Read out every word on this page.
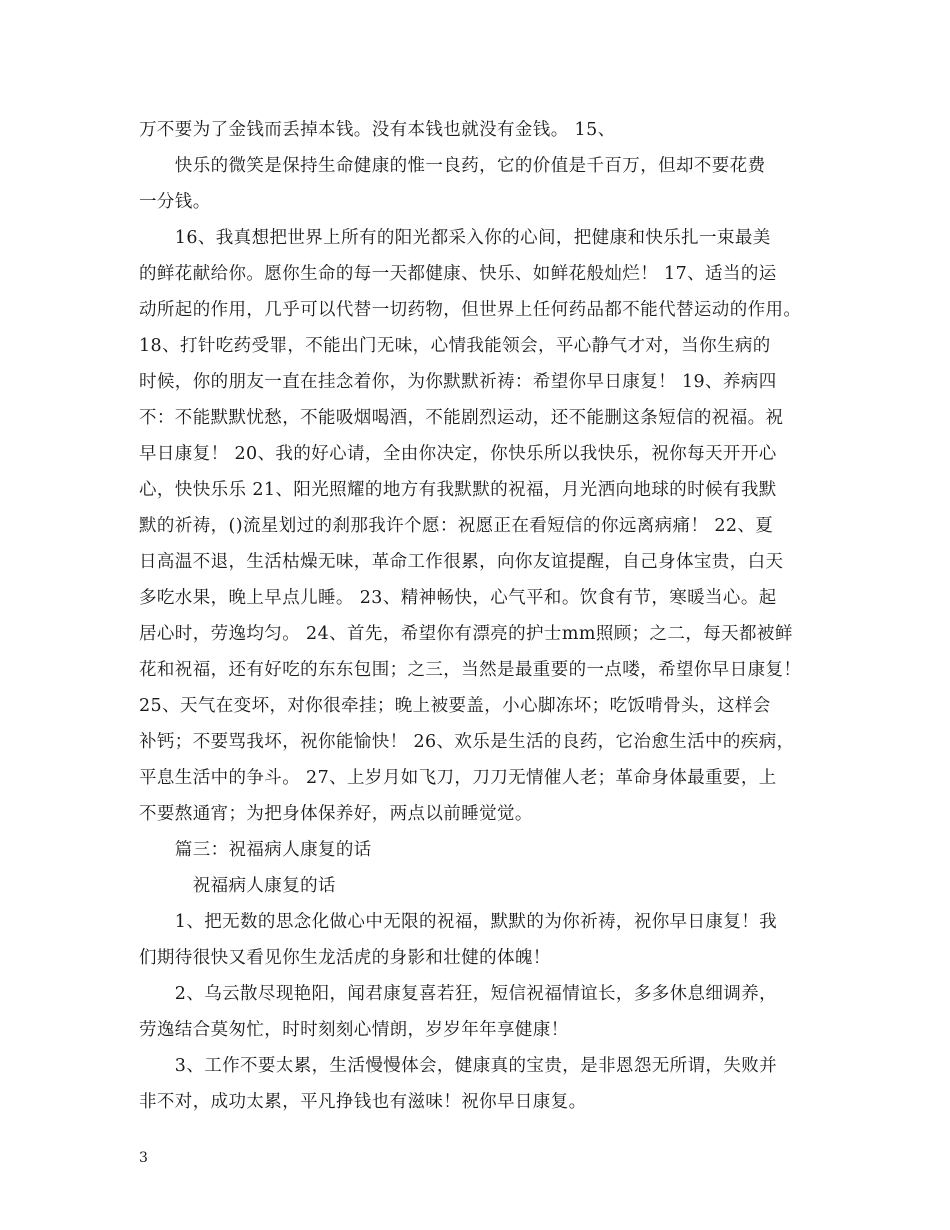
万不要为了金钱而丢掉本钱。没有本钱也就没有金钱。 15、
　　快乐的微笑是保持生命健康的惟一良药，它的价值是千百万，但却不要花费
一分钱。
　　16、我真想把世界上所有的阳光都采入你的心间，把健康和快乐扎一束最美
的鲜花献给你。愿你生命的每一天都健康、快乐、如鲜花般灿烂！ 17、适当的运
动所起的作用，几乎可以代替一切药物，但世界上任何药品都不能代替运动的作用。
18、打针吃药受罪，不能出门无味，心情我能领会，平心静气才对，当你生病的
时候，你的朋友一直在挂念着你，为你默默祈祷：希望你早日康复！ 19、养病四
不：不能默默忧愁，不能吸烟喝酒，不能剧烈运动，还不能删这条短信的祝福。祝
早日康复！ 20、我的好心请，全由你决定，你快乐所以我快乐，祝你每天开开心
心，快快乐乐 21、阳光照耀的地方有我默默的祝福，月光洒向地球的时候有我默
默的祈祷，()流星划过的刹那我许个愿：祝愿正在看短信的你远离病痛！ 22、夏
日高温不退，生活枯燥无味，革命工作很累，向你友谊提醒，自己身体宝贵，白天
多吃水果，晚上早点儿睡。 23、精神畅快，心气平和。饮食有节，寒暖当心。起
居心时，劳逸均匀。 24、首先，希望你有漂亮的护士mm照顾；之二，每天都被鲜
花和祝福，还有好吃的东东包围；之三，当然是最重要的一点喽，希望你早日康复！
25、天气在变坏，对你很牵挂；晚上被要盖，小心脚冻坏；吃饭啃骨头，这样会
补钙；不要骂我坏，祝你能愉快！ 26、欢乐是生活的良药，它治愈生活中的疾病，
平息生活中的争斗。 27、上岁月如飞刀，刀刀无情催人老；革命身体最重要，上
不要熬通宵；为把身体保养好，两点以前睡觉觉。
　　篇三：祝福病人康复的话
　　　祝福病人康复的话
　　1、把无数的思念化做心中无限的祝福，默默的为你祈祷，祝你早日康复！我
们期待很快又看见你生龙活虎的身影和壮健的体魄！
　　2、乌云散尽现艳阳，闻君康复喜若狂，短信祝福情谊长，多多休息细调养，
劳逸结合莫匆忙，时时刻刻心情朗，岁岁年年享健康！
　　3、工作不要太累，生活慢慢体会，健康真的宝贵，是非恩怨无所谓，失败并
非不对，成功太累，平凡挣钱也有滋味！祝你早日康复。
3
